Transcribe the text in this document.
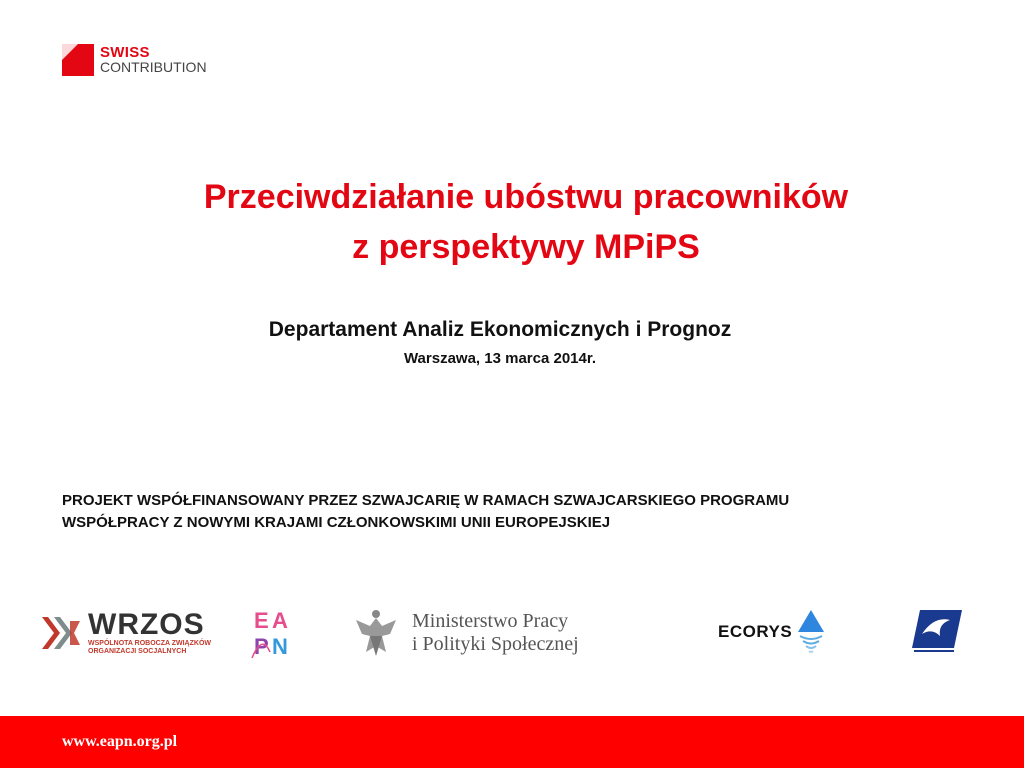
SWISS
CONTRIBUTION
Przeciwdziałanie ubóstwu pracowników
z perspektywy MPiPS
Departament Analiz Ekonomicznych i Prognoz
Warszawa, 13 marca 2014r.
PROJEKT WSPÓŁFINANSOWANY PRZEZ SZWAJCARIĘ W RAMACH SZWAJCARSKIEGO PROGRAMU
WSPÓŁPRACY Z NOWYMI KRAJAMI CZŁONKOWSKIMI UNII EUROPEJSKIEJ
WRZOS
WSPÓLNOTA ROBOCZA ZWIĄZKÓW
ORGANIZACJI SOCJALNYCH
E A
P N
Ministerstwo Pracy
i Polityki Społecznej
ECORYS
www.eapn.org.pl
